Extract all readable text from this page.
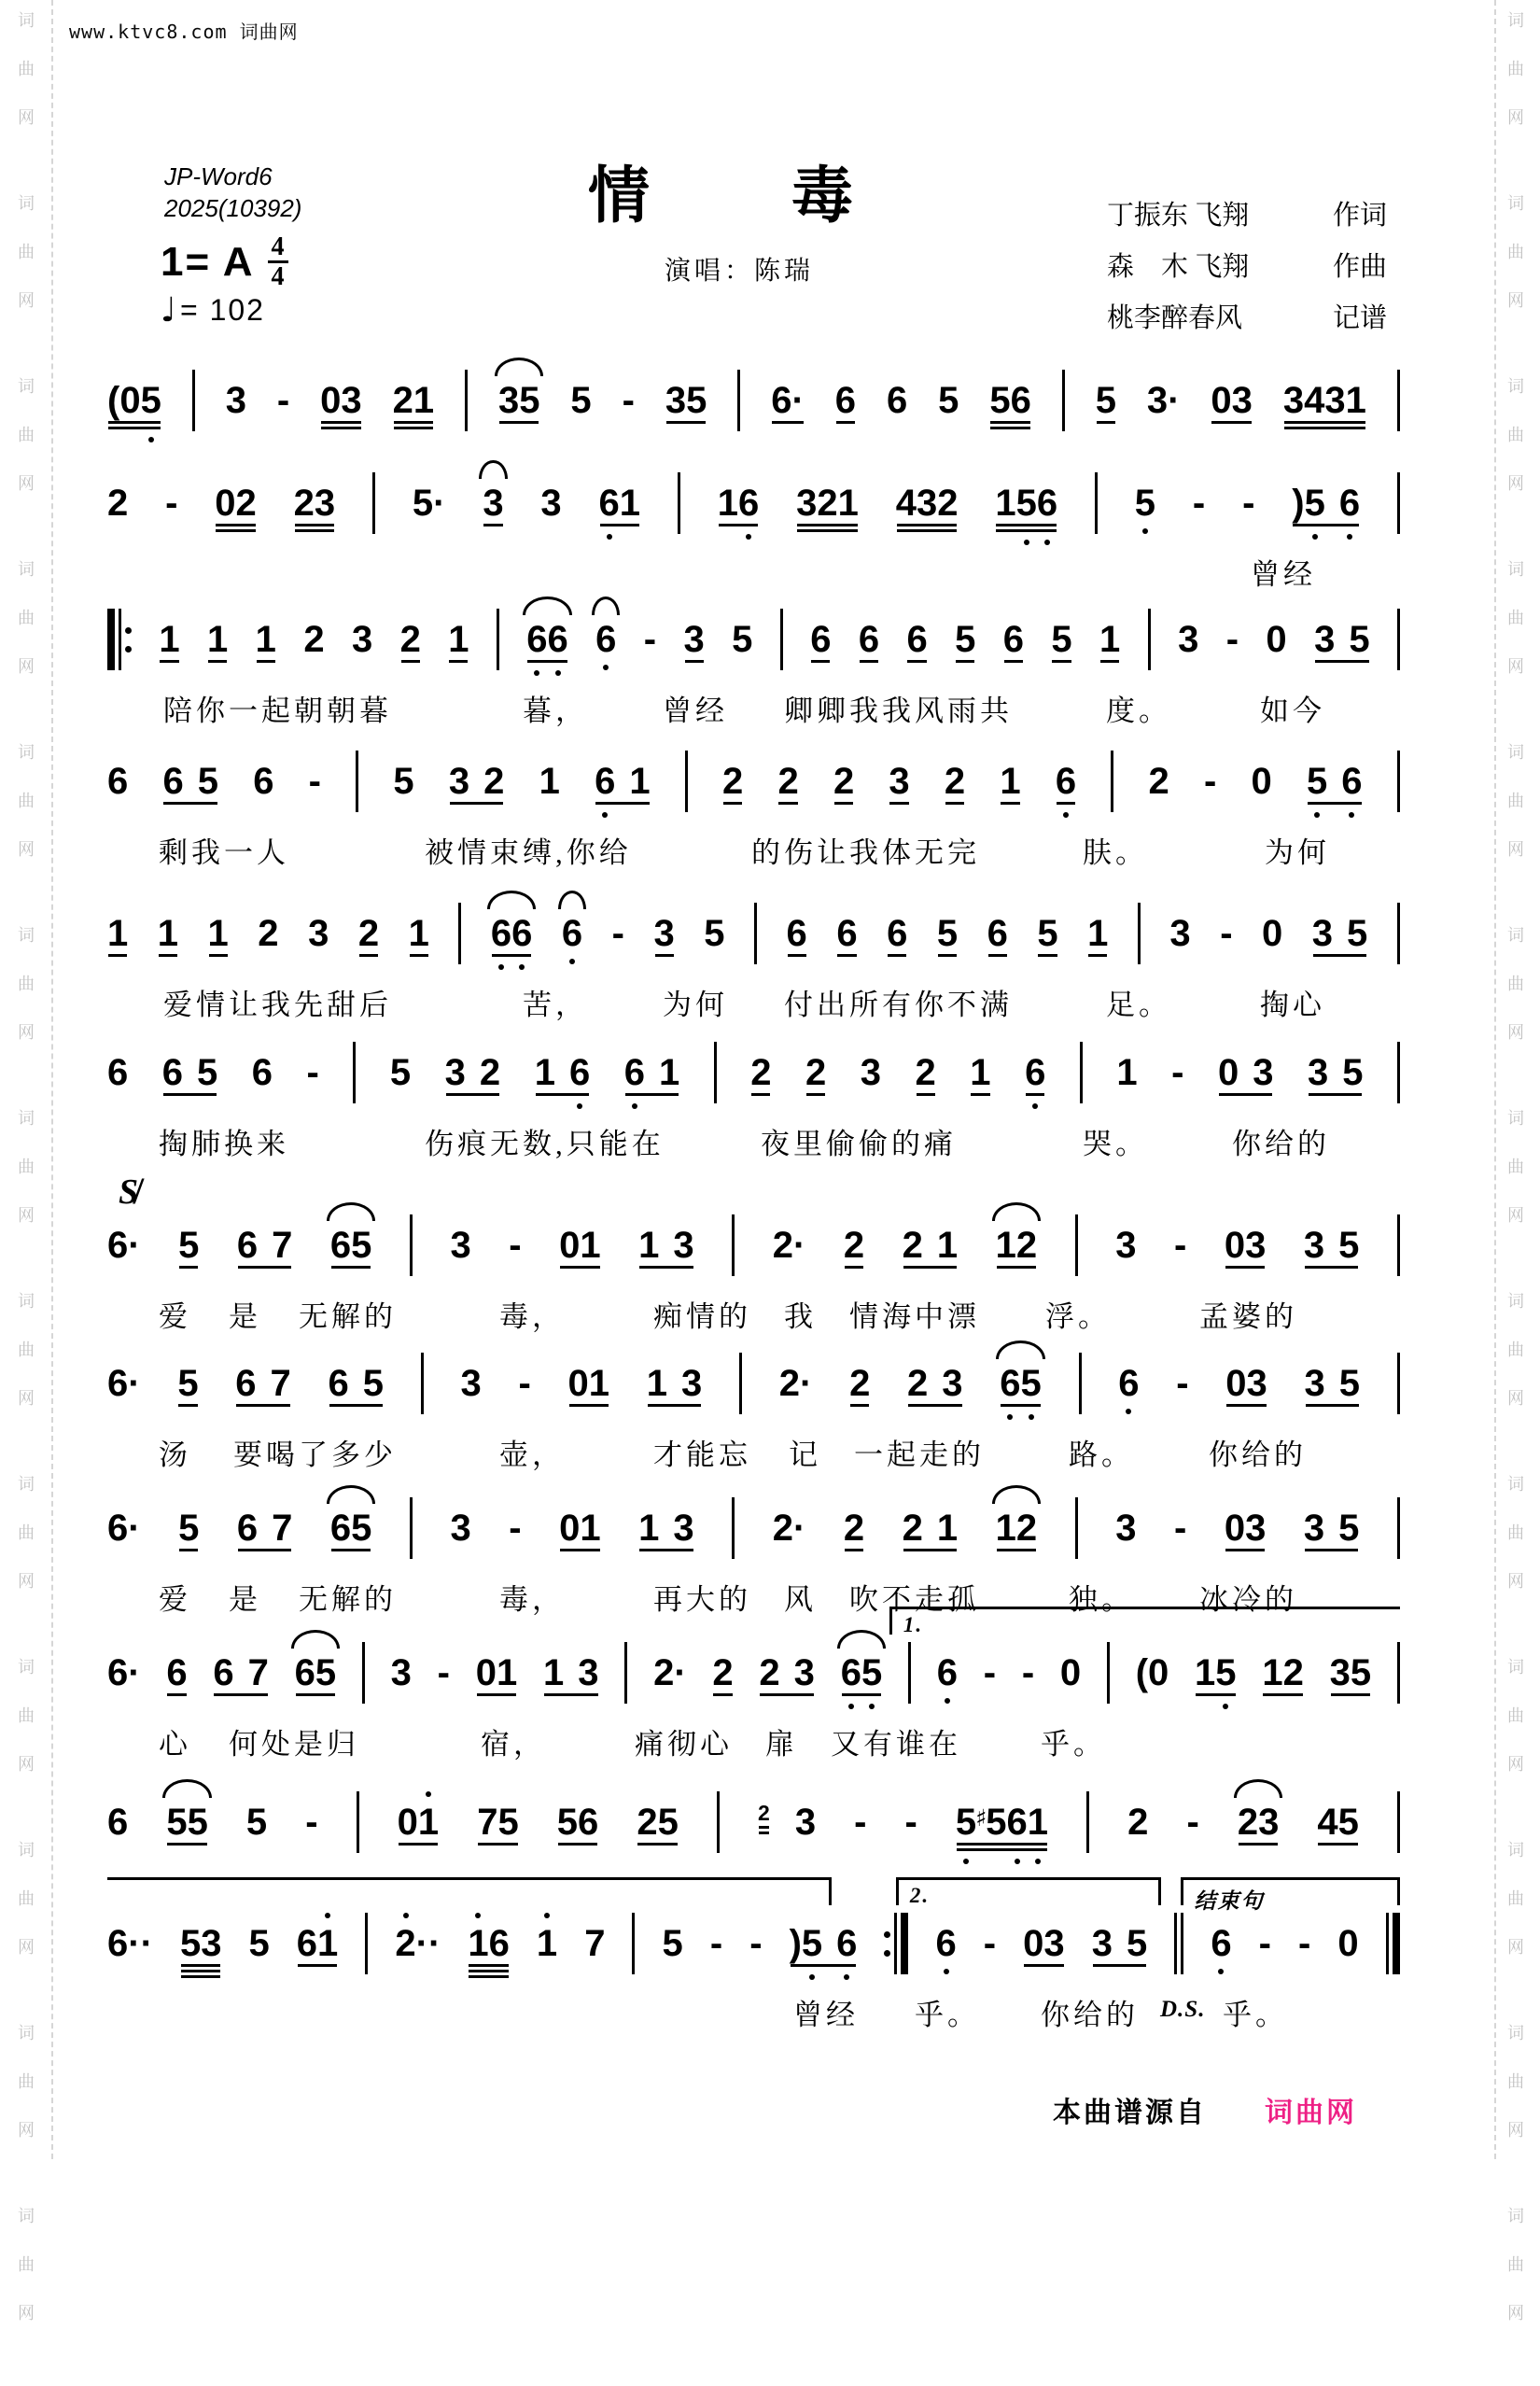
www.ktvc8.com 词曲网
JP-Word6
2025(10392)	情 毒
演唱：陈瑞
丁振东 飞翔	作词
森　木 飞翔	作曲
桃李醉春风	记谱
1= A $\frac{4}{4}$
♩ = 102
(05 3 - 03 21 35 5 - 35 6· 6 6 5 56 5 3· 03 3431
2 - 02 23 5· 3 3 6
1 16 321 432 15
6 5 - - )5 6
曾经
1 1 1 2 3 2 1 6
6 6 - 3 5 6 6 6 5 6 5 1 3 - 0 3 5
陪你一起朝朝暮	暮，	曾经 卿卿我我风雨共	度。	如今
6 6 5 6 - 5 3 2 1 6 1 2 2 2 3 2 1 6 2 - 0 5 6
剩我一人	被情束缚,你给	的伤让我体无完	肤。	为何
1 1 1 2 3 2 1 6
6 6 - 3 5 6 6 6 5 6 5 1 3 - 0 3 5
爱情让我先甜后	苦，	为何 付出所有你不满	足。	掏心
6 6 5 6 - 5 3 2 1 6 6 1 2 2 3 2 1 6 1 - 0 3 3 5
掏肺换来	伤痕无数,只能在	夜里偷偷的痛	哭。	你给的
S̸
6· 5 6 7 65 3 - 01 1 3 2· 2 2 1 12 3 - 03 3 5
爱 是 无解的	毒，	痴情的 我 情海中漂 浮。	孟婆的
6· 5 6 7 6 5 3 - 01 1 3 2· 2 2 3 6
5 6 - 03 3 5
汤 要喝了多少	壶，	才能忘 记 一起走的	路。	你给的
6· 5 6 7 65 3 - 01 1 3 2· 2 2 1 12 3 - 03 3 5
爱 是 无解的	毒，	再大的 风 吹不走孤	独。 冰冷的
1.
6· 6 6 7 65 3 - 01 1 3 2· 2 2 3 6
5 6 - - 0 (0 15 12 35
心 何处是归	宿，	痛彻心 扉 又有谁在	乎。
6 55 5 - 01 75 56 25	2 3 - - 5
♯56
1 2 - 23 45
2.	结束句
6·· 53 5 61 2
·· 1
6 1 7 5 - - )5 6 6 - 03 3 5 6 - - 0
曾经 乎。 你给的 D.S. 乎。
本曲谱源自 词曲网
词
曲
网
词
曲
网
词
曲
网
词
曲
网
词
曲
网
词
曲
网
词
曲
网
词
曲
网
词
曲
网
词
曲
网
词
曲
网
词
曲
网
词
曲
网
词
曲
网
词
曲
网
词
曲
网
词
曲
网
词
曲
网
词
曲
网
词
曲
网
词
曲
网
词
曲
网
词
曲
网
词
曲
网
词
曲
网
词
曲
网
